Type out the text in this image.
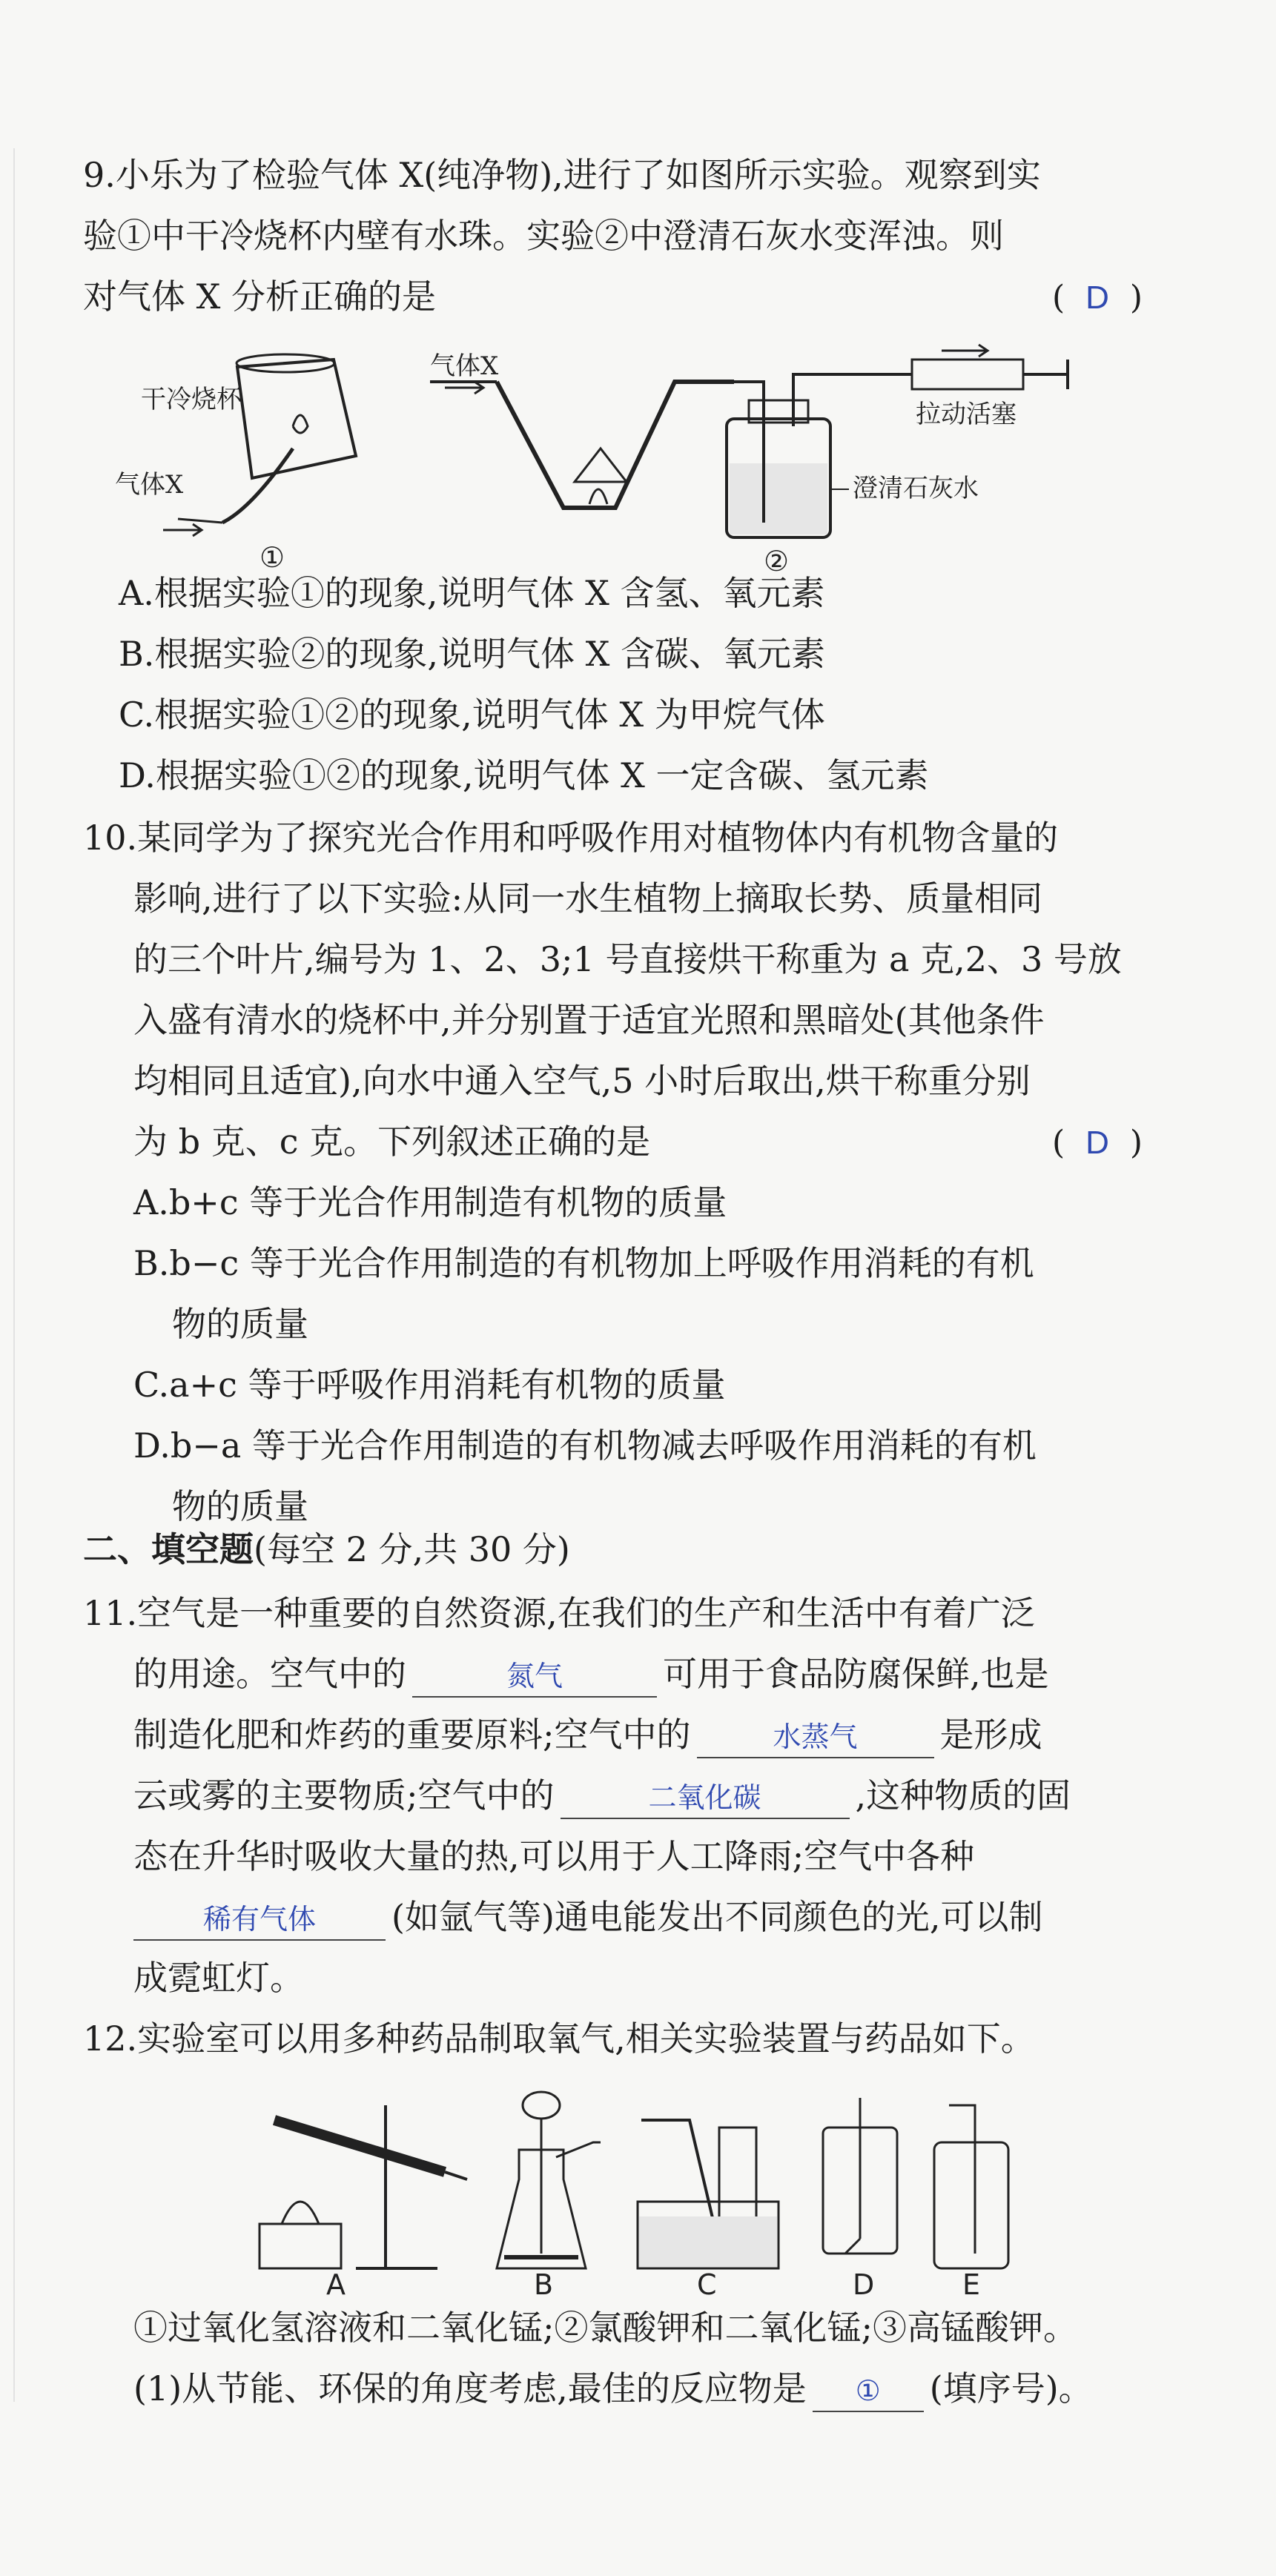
9.小乐为了检验气体 X(纯净物),进行了如图所示实验。观察到实
验①中干冷烧杯内壁有水珠。实验②中澄清石灰水变浑浊。则
对气体 X 分析正确的是	(  D  )
干冷烧杯
气体X
①
气体X
拉动活塞
澄清石灰水
②
A.根据实验①的现象,说明气体 X 含氢、氧元素
B.根据实验②的现象,说明气体 X 含碳、氧元素
C.根据实验①②的现象,说明气体 X 为甲烷气体
D.根据实验①②的现象,说明气体 X 一定含碳、氢元素
10.某同学为了探究光合作用和呼吸作用对植物体内有机物含量的
影响,进行了以下实验:从同一水生植物上摘取长势、质量相同
的三个叶片,编号为 1、2、3;1 号直接烘干称重为 a 克,2、3 号放
入盛有清水的烧杯中,并分别置于适宜光照和黑暗处(其他条件
均相同且适宜),向水中通入空气,5 小时后取出,烘干称重分别
为 b 克、c 克。下列叙述正确的是	(  D  )
A.b+c 等于光合作用制造有机物的质量
B.b−c 等于光合作用制造的有机物加上呼吸作用消耗的有机
物的质量
C.a+c 等于呼吸作用消耗有机物的质量
D.b−a 等于光合作用制造的有机物减去呼吸作用消耗的有机
物的质量
二、填空题(每空 2 分,共 30 分)
11.空气是一种重要的自然资源,在我们的生产和生活中有着广泛
的用途。空气中的	氮气	可用于食品防腐保鲜,也是
制造化肥和炸药的重要原料;空气中的	水蒸气 是形成
云或雾的主要物质;空气中的	二氧化碳	,这种物质的固
态在升华时吸收大量的热,可以用于人工降雨;空气中各种
稀有气体 (如氩气等)通电能发出不同颜色的光,可以制
成霓虹灯。
12.实验室可以用多种药品制取氧气,相关实验装置与药品如下。
A	B	C	D	E
①过氧化氢溶液和二氧化锰;②氯酸钾和二氧化锰;③高锰酸钾。
(1)从节能、环保的角度考虑,最佳的反应物是 ① (填序号)。
